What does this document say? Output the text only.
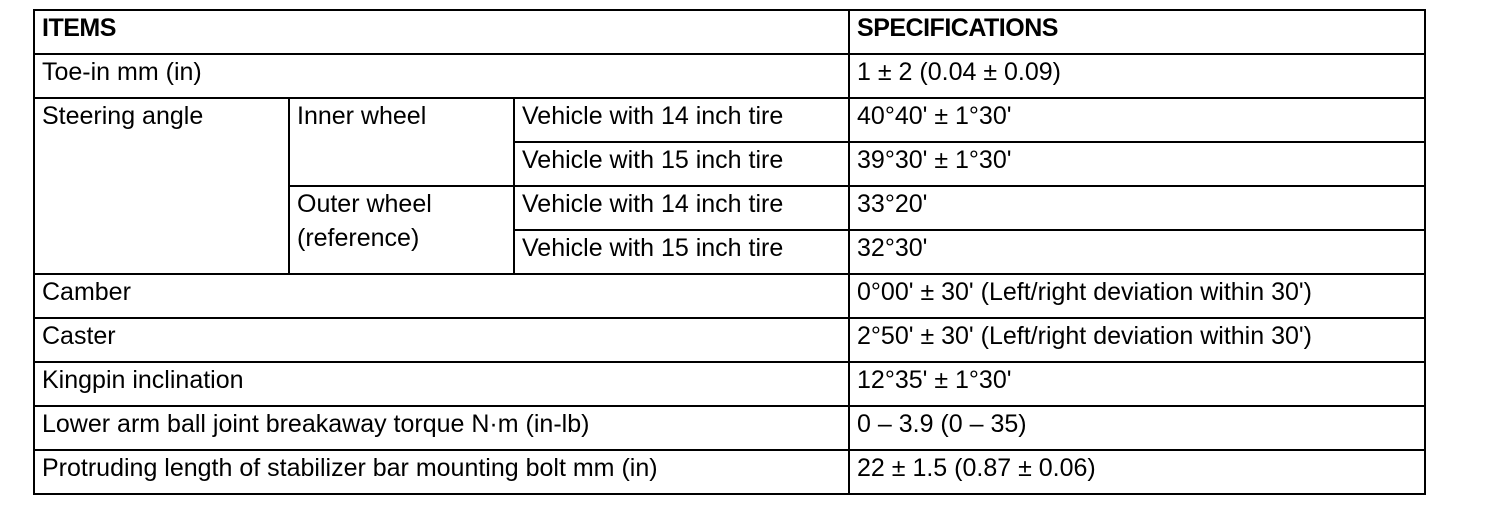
ITEMS			SPECIFICATIONS
Toe-in mm (in)			1 ± 2 (0.04 ± 0.09)
Steering angle	Inner wheel	Vehicle with 14 inch tire	40°40' ± 1°30'
		Vehicle with 15 inch tire	39°30' ± 1°30'
	Outer wheel (reference)	Vehicle with 14 inch tire	33°20'
		Vehicle with 15 inch tire	32°30'
Camber			0°00' ± 30' (Left/right deviation within 30')
Caster			2°50' ± 30' (Left/right deviation within 30')
Kingpin inclination			12°35' ± 1°30'
Lower arm ball joint breakaway torque N·m (in-lb)			0 – 3.9 (0 – 35)
Protruding length of stabilizer bar mounting bolt mm (in)			22 ± 1.5 (0.87 ± 0.06)
